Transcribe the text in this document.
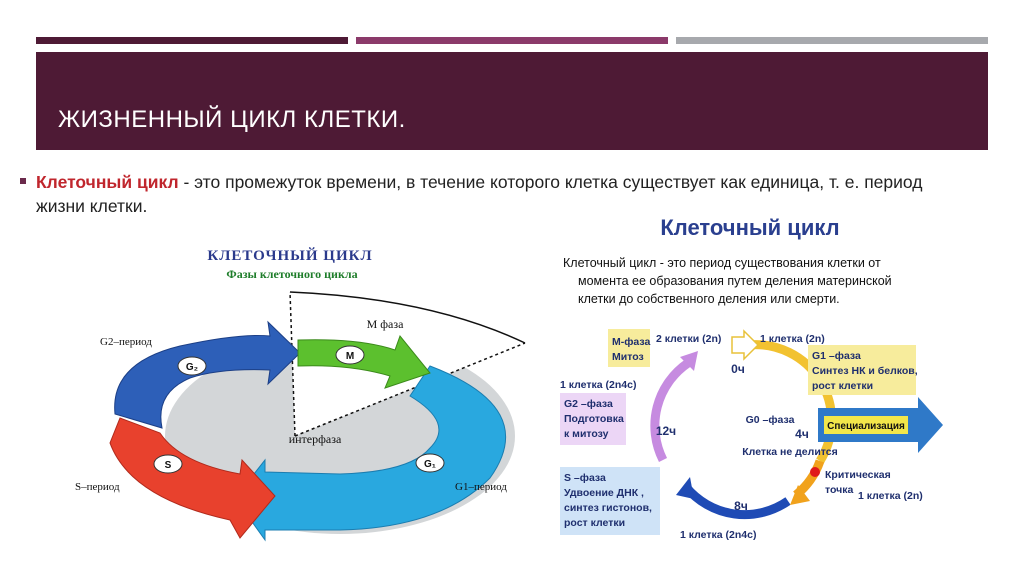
ЖИЗНЕННЫЙ ЦИКЛ КЛЕТКИ.
Клеточный цикл - это промежуток времени, в течение которого клетка существует как единица, т. е. период жизни клетки.
КЛЕТОЧНЫЙ ЦИКЛ
Фазы клеточного цикла
M
G₂
S	G₁
М фаза
интерфаза
G2–период
S–период	G1–период
Клеточный цикл
Клеточный цикл - это период существования клетки от
момента ее образования путем деления материнской
клетки до собственного деления или смерти.
Специализация
Критическая
точка
М-фаза
Митоз
2 клетки (2n)	1 клетка (2n)
G1 –фаза
Синтез НК и белков,
рост клетки
1 клетка (2n4c)
G2 –фаза
Подготовка
к митозу
0ч
4ч
8ч
12ч
G0 –фаза
Клетка не делится
S –фаза
Удвоение ДНК ,
синтез гистонов,
рост клетки
1 клетка (2n4c)
1 клетка (2n)
